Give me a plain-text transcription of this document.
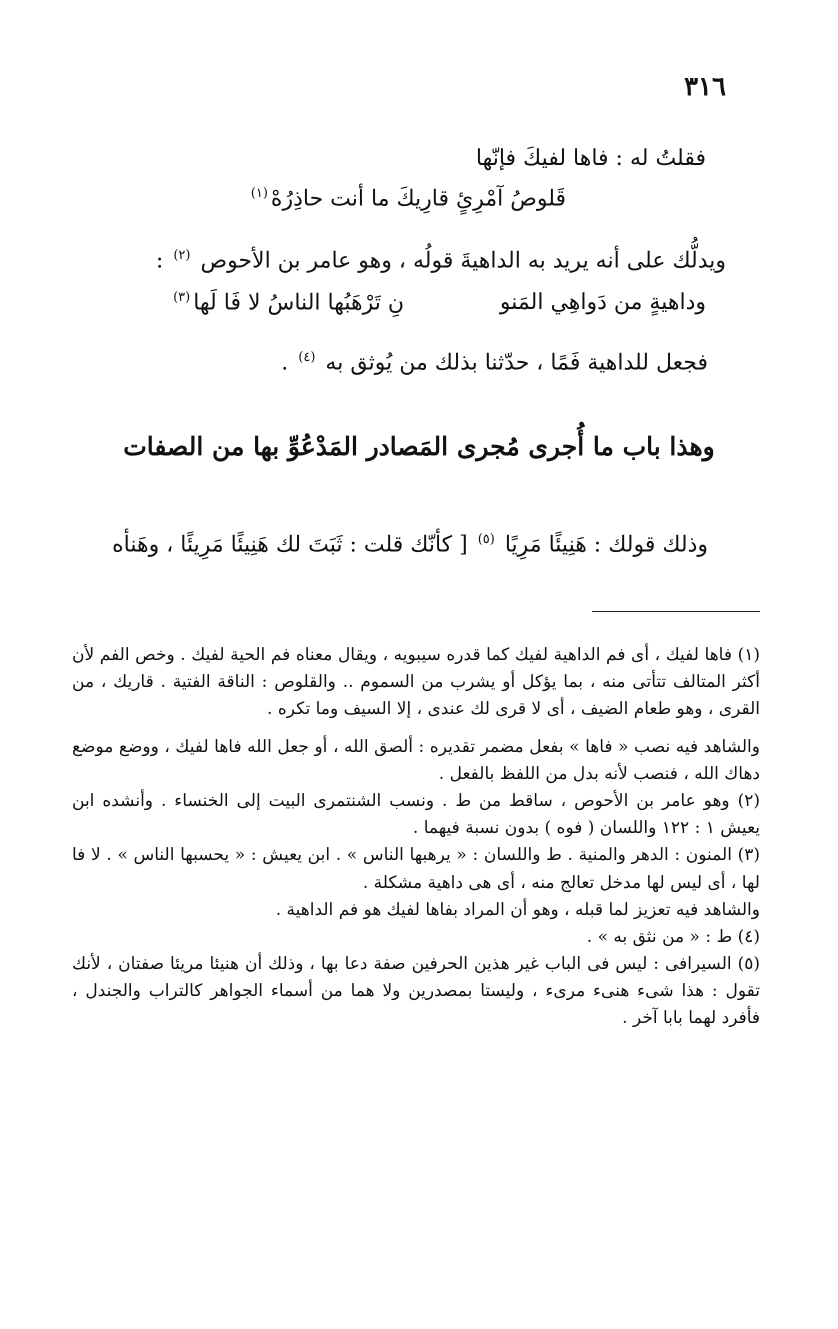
٣١٦
فقلتُ له : فاها لفيكَ فإنّها
قَلوصُ آمْرِئٍ قارِيكَ ما أنت حاذِرُهْ$^{(١)}$
ويدلُّك على أنه يريد به الداهيةَ قولُه ، وهو عامر بن الأحوص $^{(٢)}$ :
وداهيةٍ من دَواهِي المَنو
نِ تَرْهَبُها الناسُ لا فَا لَها$^{(٣)}$
فجعل للداهية فَمًا ، حدّثنا بذلك من يُوثق به $^{(٤)}$ .
وهذا باب ما أُجرى مُجرى المَصادر المَدْعُوِّ بها من الصفات
وذلك قولك : هَنِيئًا مَرِيًا $^{(٥)}$ [ كأنّك قلت : ثَبَتَ لك هَنِيئًا مَرِيئًا ، وهَنأه

(١) فاها لفيك ، أى فم الداهية لفيك كما قدره سيبويه ، ويقال معناه فم الحية لفيك . وخص الفم لأن أكثر المتالف تتأتى منه ، بما يؤكل أو يشرب من السموم .. والقلوص : الناقة الفتية . قاريك ، من القرى ، وهو طعام الضيف ، أى لا قرى لك عندى ، إلا السيف وما تكره .

والشاهد فيه نصب « فاها » بفعل مضمر تقديره : ألصق الله ، أو جعل الله فاها لفيك ، ووضع موضع دهاك الله ، فنصب لأنه بدل من اللفظ بالفعل .

(٢) وهو عامر بن الأحوص ، ساقط من ط . ونسب الشنتمرى البيت إلى الخنساء . وأنشده ابن يعيش ١ : ١٢٢ واللسان ( فوه ) بدون نسبة فيهما .

(٣) المنون : الدهر والمنية . ط واللسان : « يرهبها الناس » . ابن يعيش : « يحسبها الناس » . لا فا لها ، أى ليس لها مدخل تعالج منه ، أى هى داهية مشكلة .

والشاهد فيه تعزيز لما قبله ، وهو أن المراد بفاها لفيك هو فم الداهية .

(٤) ط : « من نثق به » .

(٥) السيرافى : ليس فى الباب غير هذين الحرفين صفة دعا بها ، وذلك أن هنيئا مريئا صفتان ، لأنك تقول : هذا شىء هنىء مرىء ، وليستا بمصدرين ولا هما من أسماء الجواهر كالتراب والجندل ، فأفرد لهما بابا آخر .
